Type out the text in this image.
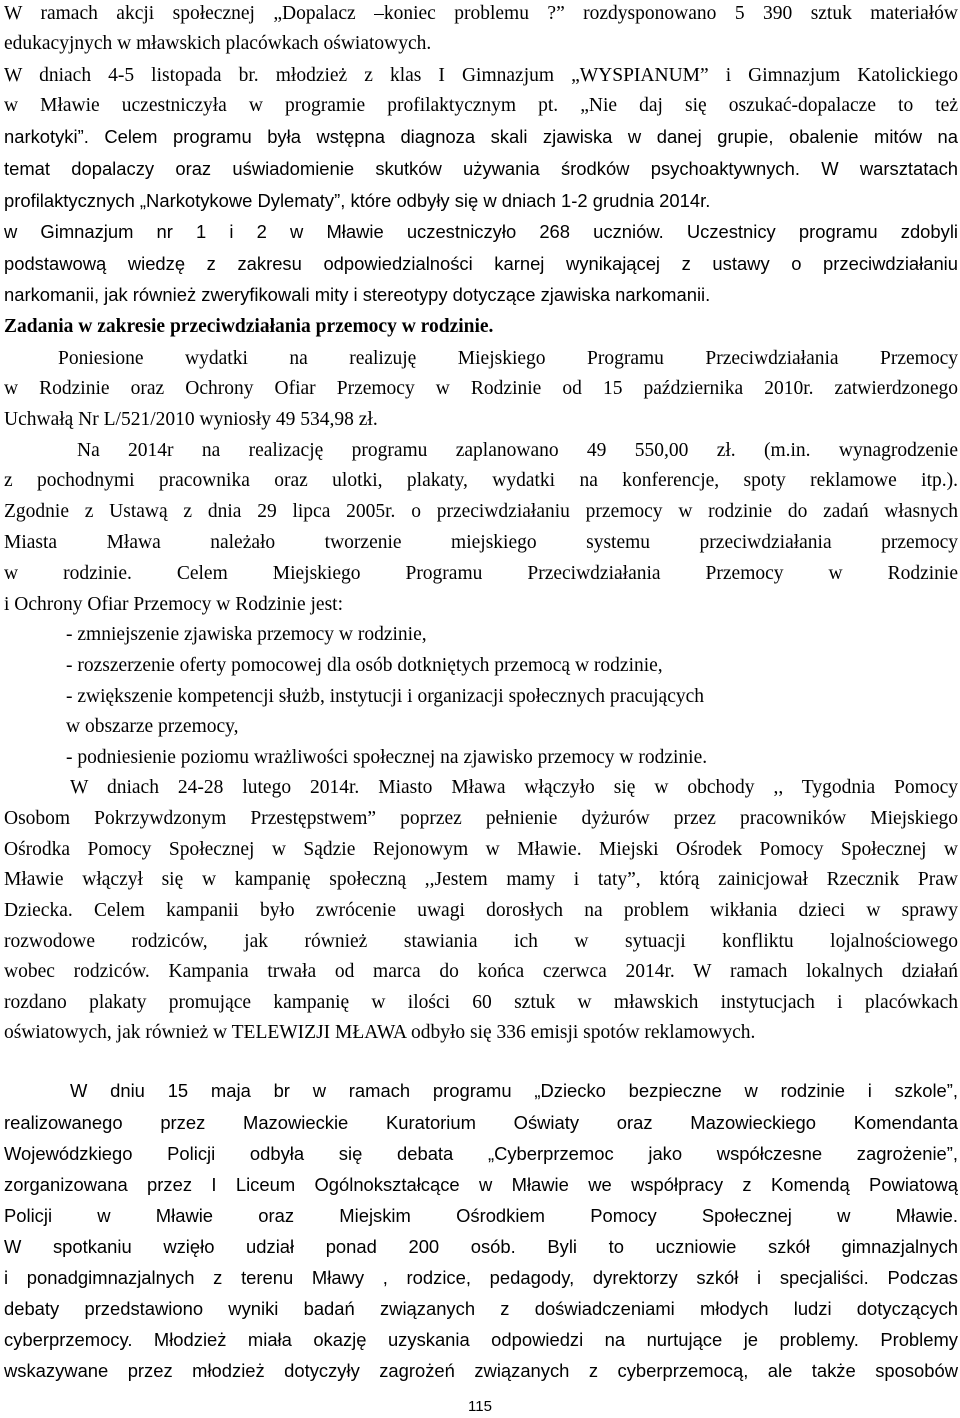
W ramach akcji społecznej „Dopalacz –koniec problemu ?” rozdysponowano 5 390 sztuk materiałów
edukacyjnych w mławskich placówkach oświatowych.
W dniach 4-5 listopada br. młodzież z klas I Gimnazjum „WYSPIANUM” i Gimnazjum Katolickiego
w Mławie uczestniczyła w programie profilaktycznym pt. „Nie daj się oszukać-dopalacze to też
narkotyki”. Celem programu była wstępna diagnoza skali zjawiska w danej grupie, obalenie mitów na
temat dopalaczy oraz uświadomienie skutków używania środków psychoaktywnych. W warsztatach
profilaktycznych „Narkotykowe Dylematy”, które odbyły się w dniach 1-2 grudnia 2014r.
w Gimnazjum nr 1 i 2 w Mławie uczestniczyło 268 uczniów. Uczestnicy programu zdobyli
podstawową wiedzę z zakresu odpowiedzialności karnej wynikającej z ustawy o przeciwdziałaniu
narkomanii, jak również zweryfikowali mity i stereotypy dotyczące zjawiska narkomanii.
Zadania w zakresie przeciwdziałania przemocy w rodzinie.
Poniesione wydatki na realizuję Miejskiego Programu Przeciwdziałania Przemocy
w Rodzinie oraz Ochrony Ofiar Przemocy w Rodzinie od 15 października 2010r. zatwierdzonego
Uchwałą Nr L/521/2010 wyniosły 49 534,98 zł.
Na 2014r na realizację programu zaplanowano 49 550,00 zł. (m.in. wynagrodzenie
z pochodnymi pracownika oraz ulotki, plakaty, wydatki na konferencje, spoty reklamowe itp.).
Zgodnie z Ustawą z dnia 29 lipca 2005r. o przeciwdziałaniu przemocy w rodzinie do zadań własnych
Miasta Mława należało tworzenie miejskiego systemu przeciwdziałania przemocy
w rodzinie. Celem Miejskiego Programu Przeciwdziałania Przemocy w Rodzinie
i Ochrony Ofiar Przemocy w Rodzinie jest:
- zmniejszenie zjawiska przemocy w rodzinie,
- rozszerzenie oferty pomocowej dla osób dotkniętych przemocą w rodzinie,
- zwiększenie kompetencji służb, instytucji i organizacji społecznych pracujących
w obszarze przemocy,
- podniesienie poziomu wrażliwości społecznej na zjawisko przemocy w rodzinie.
W dniach 24-28 lutego 2014r. Miasto Mława włączyło się w obchody ,, Tygodnia Pomocy
Osobom Pokrzywdzonym Przestępstwem” poprzez pełnienie dyżurów przez pracowników Miejskiego
Ośrodka Pomocy Społecznej w Sądzie Rejonowym w Mławie. Miejski Ośrodek Pomocy Społecznej w
Mławie włączył się w kampanię społeczną ,,Jestem mamy i taty”, którą zainicjował Rzecznik Praw
Dziecka. Celem kampanii było zwrócenie uwagi dorosłych na problem wikłania dzieci w sprawy
rozwodowe rodziców, jak również stawiania ich w sytuacji konfliktu lojalnościowego
wobec rodziców. Kampania trwała od marca do końca czerwca 2014r. W ramach lokalnych działań
rozdano plakaty promujące kampanię w ilości 60 sztuk w mławskich instytucjach i placówkach
oświatowych, jak również w TELEWIZJI MŁAWA odbyło się 336 emisji spotów reklamowych.
W dniu 15 maja br w ramach programu „Dziecko bezpieczne w rodzinie i szkole”,
realizowanego przez Mazowieckie Kuratorium Oświaty oraz Mazowieckiego Komendanta
Wojewódzkiego Policji odbyła się debata „Cyberprzemoc jako współczesne zagrożenie”,
zorganizowana przez I Liceum Ogólnokształcące w Mławie we współpracy z Komendą Powiatową
Policji w Mławie oraz Miejskim Ośrodkiem Pomocy Społecznej w Mławie.
W spotkaniu wzięło udział ponad 200 osób. Byli to uczniowie szkół gimnazjalnych
i ponadgimnazjalnych z terenu Mławy , rodzice, pedagody, dyrektorzy szkół i specjaliści. Podczas
debaty przedstawiono wyniki badań związanych z doświadczeniami młodych ludzi dotyczących
cyberprzemocy. Młodzież miała okazję uzyskania odpowiedzi na nurtujące je problemy. Problemy
wskazywane przez młodzież dotyczyły zagrożeń związanych z cyberprzemocą, ale także sposobów
115
